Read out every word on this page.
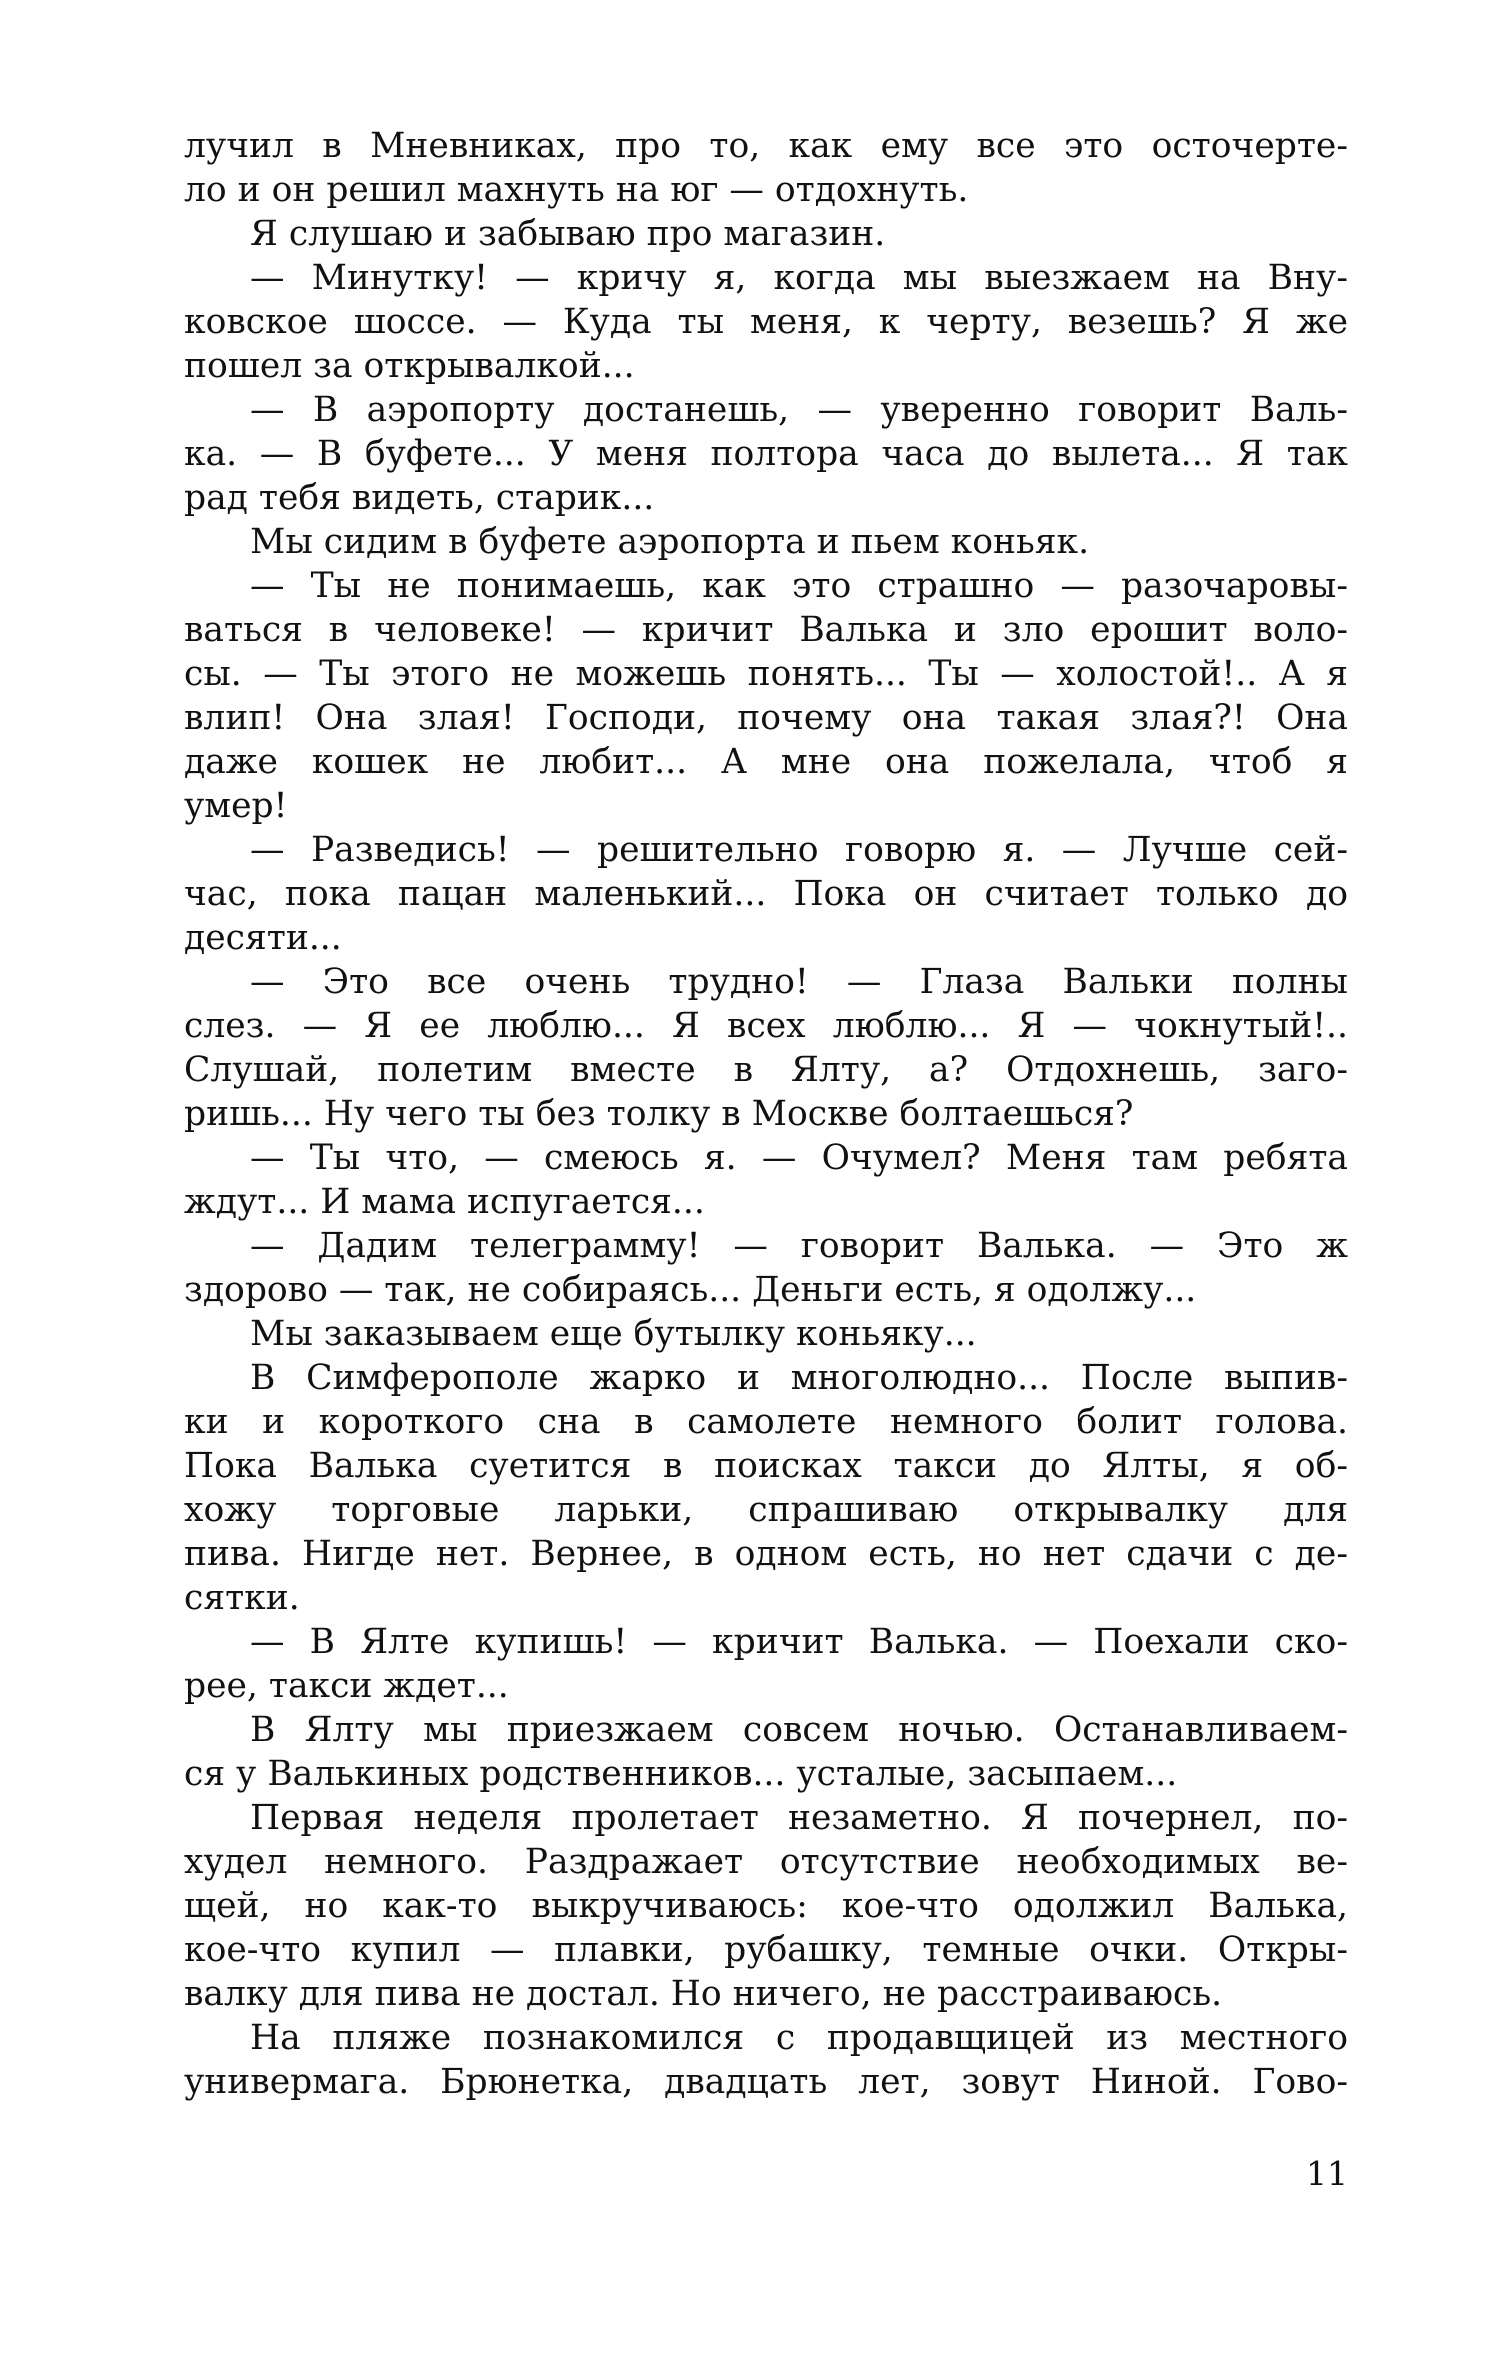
лучил в Мневниках, про то, как ему все это осточерте-
ло и он решил махнуть на юг — отдохнуть.
Я слушаю и забываю про магазин.
— Минутку! — кричу я, когда мы выезжаем на Вну-
ковское шоссе. — Куда ты меня, к черту, везешь? Я же
пошел за открывалкой...
— В аэропорту достанешь, — уверенно говорит Валь-
ка. — В буфете... У меня полтора часа до вылета... Я так
рад тебя видеть, старик...
Мы сидим в буфете аэропорта и пьем коньяк.
— Ты не понимаешь, как это страшно — разочаровы-
ваться в человеке! — кричит Валька и зло ерошит воло-
сы. — Ты этого не можешь понять... Ты — холостой!.. А я
влип! Она злая! Господи, почему она такая злая?! Она
даже кошек не любит... А мне она пожелала, чтоб я
умер!
— Разведись! — решительно говорю я. — Лучше сей-
час, пока пацан маленький... Пока он считает только до
десяти...
— Это все очень трудно! — Глаза Вальки полны
слез. — Я ее люблю... Я всех люблю... Я — чокнутый!..
Слушай, полетим вместе в Ялту, а? Отдохнешь, заго-
ришь... Ну чего ты без толку в Москве болтаешься?
— Ты что, — смеюсь я. — Очумел? Меня там ребята
ждут... И мама испугается...
— Дадим телеграмму! — говорит Валька. — Это ж
здорово — так, не собираясь... Деньги есть, я одолжу...
Мы заказываем еще бутылку коньяку...
В Симферополе жарко и многолюдно... После выпив-
ки и короткого сна в самолете немного болит голова.
Пока Валька суетится в поисках такси до Ялты, я об-
хожу торговые ларьки, спрашиваю открывалку для
пива. Нигде нет. Вернее, в одном есть, но нет сдачи с де-
сятки.
— В Ялте купишь! — кричит Валька. — Поехали ско-
рее, такси ждет...
В Ялту мы приезжаем совсем ночью. Останавливаем-
ся у Валькиных родственников... усталые, засыпаем...
Первая неделя пролетает незаметно. Я почернел, по-
худел немного. Раздражает отсутствие необходимых ве-
щей, но как-то выкручиваюсь: кое-что одолжил Валька,
кое-что купил — плавки, рубашку, темные очки. Откры-
валку для пива не достал. Но ничего, не расстраиваюсь.
На пляже познакомился с продавщицей из местного
универмага. Брюнетка, двадцать лет, зовут Ниной. Гово-
11
